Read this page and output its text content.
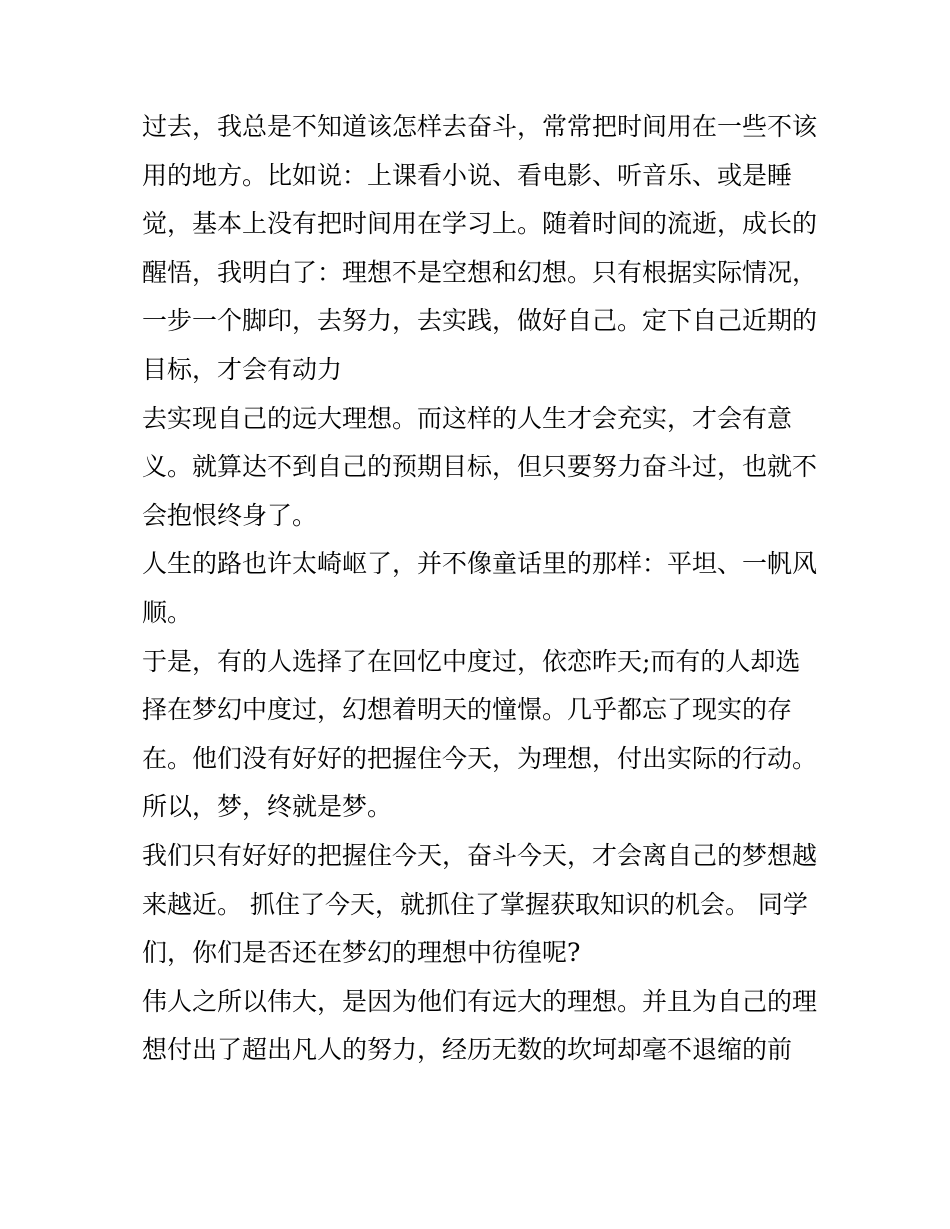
过去，我总是不知道该怎样去奋斗，常常把时间用在一些不该
用的地方。比如说：上课看小说、看电影、听音乐、或是睡
觉，基本上没有把时间用在学习上。随着时间的流逝，成长的
醒悟，我明白了：理想不是空想和幻想。只有根据实际情况，
一步一个脚印，去努力，去实践，做好自己。定下自己近期的
目标，才会有动力
去实现自己的远大理想。而这样的人生才会充实，才会有意
义。就算达不到自己的预期目标，但只要努力奋斗过，也就不
会抱恨终身了。
人生的路也许太崎岖了，并不像童话里的那样：平坦、一帆风
顺。
于是，有的人选择了在回忆中度过，依恋昨天;而有的人却选
择在梦幻中度过，幻想着明天的憧憬。几乎都忘了现实的存
在。他们没有好好的把握住今天，为理想，付出实际的行动。
所以，梦，终就是梦。
我们只有好好的把握住今天，奋斗今天，才会离自己的梦想越
来越近。 抓住了今天，就抓住了掌握获取知识的机会。 同学
们，你们是否还在梦幻的理想中彷徨呢?
伟人之所以伟大，是因为他们有远大的理想。并且为自己的理
想付出了超出凡人的努力，经历无数的坎坷却毫不退缩的前
